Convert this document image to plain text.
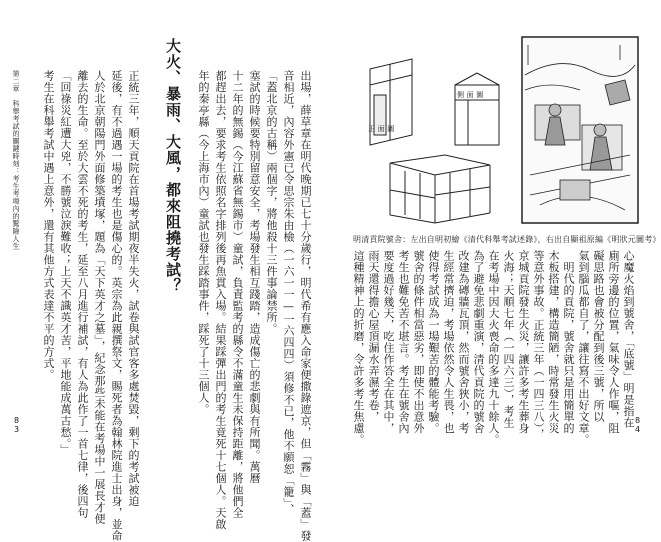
83
第二章　科舉考試的關鍵時刻：考生考場內的驚險人生	出場，薛草章在明代晚期已七十分歲行，明代希有應入命家便撒錄遮京，但「霧」與「蓋」發
音相近，內容外憲已令思宗朱由檢（一六一一—一六四四）須修不已，他不願恕「籠」、
「蓋北京的古稱）兩個字，將他殺十三件事論禁所。
塞試的時候要特別留意安全，考場發生相互踐踏，造成傷亡的悲劇與有所聞。萬曆
十二年的無錫（今江蘇省無錫市）童試，負責監考的縣令不滿童生未保持距離，將他們全
都趕出去，要求考生依照名字排列後再魚貫入場。結果踩彈出門的考生竟死十七個人。天啟
年的秦亭縣（今上海市內）童試也發生踩踏事件，踩死了十三個人。
大火、暴雨、大風，都來阻撓考試？
正統三年，順天貢院在首場考試期夜半失火，試卷與試官客多處焚毀，剩下的考試被迫
延後，有不過遇一場的考生也是傷心的。英宗為此親撰祭文，賜死者為翰林院進士出身，並命
人於北京朝陽門外面修築墳塚，題為「天下英才之墓」，紀念那些未能在考場中一展長才便
離去的生命。至於大雲不死的考生，延至八月進行補試，有人為此作了一首七律，後四句
「回祿災紅遭大兇，不勝號泣淚難收；上天不識英才苦，平地能成萬古愁。」
考生在科舉考試中遇上意外，還有其他方式表達不平的方式。	正 面 圖
側 面 圖
明清貢院號舍：左出自明初繪《清代科舉考試述錄》，右出自顯祖原編《明狀元圖考》
心魔火焰到號舍，「底號」明是指在
廁所旁邊的位置，氣味令人作嘔，阻
礙思路也會被分配到後三號，所以
氣到腦瓜都自了，讓往寫不出好文章。
　明代的貢院，號舍就只是用簡單的
木板搭建，構造簡陋，時常發生火災
等意外事故。正統三年（一四三八），
京城貢院發生火災，讓許多考生葬身
火海；天順七年（一四六三），考生
在考場中因大火喪命的多達九十餘人。
為了避免悲劇重演，清代貢院的號舍
改建為磚牆瓦頂，然而號舍狹小，考
生經常擠迫，考場依然令人生畏，也
使得考試成為一場艱苦的體能考驗。
號舍的條件相當惡劣，即使不出意外
考生也難免苦不堪言。考生在號舍內
要度過好幾天，吃住作答全在其中，
雨天還得擔心屋頂漏水弄濕考卷，
這種精神上的折磨，令許多考生焦慮。	84
